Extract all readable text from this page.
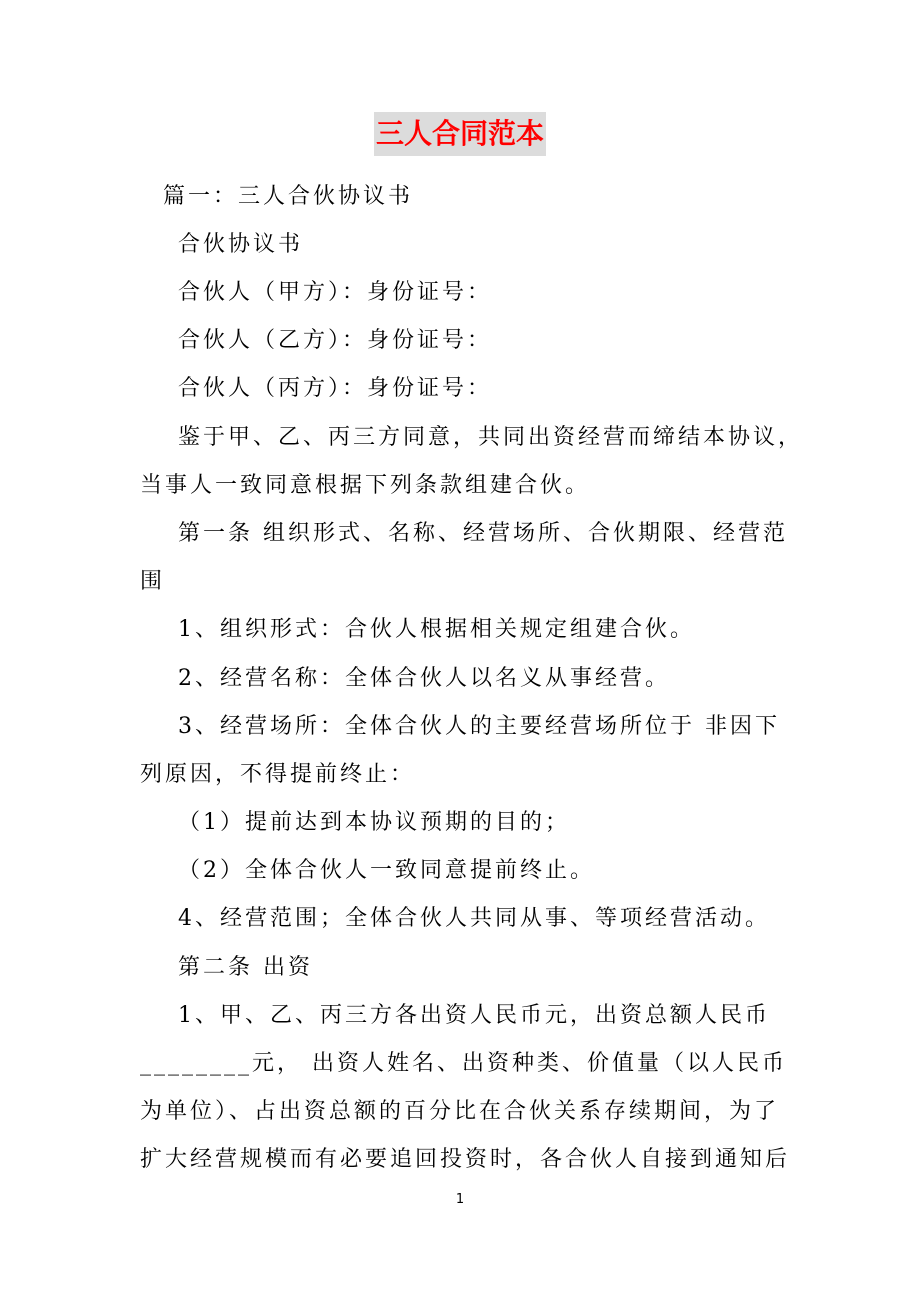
三人合同范本
篇一：三人合伙协议书
合伙协议书
合伙人（甲方）：身份证号：
合伙人（乙方）：身份证号：
合伙人（丙方）：身份证号：
鉴于甲、乙、丙三方同意，共同出资经营而缔结本协议，
当事人一致同意根据下列条款组建合伙。
第一条 组织形式、名称、经营场所、合伙期限、经营范
围
1、组织形式：合伙人根据相关规定组建合伙。
2、经营名称：全体合伙人以名义从事经营。
3、经营场所：全体合伙人的主要经营场所位于 非因下
列原因，不得提前终止：
（1）提前达到本协议预期的目的；
（2）全体合伙人一致同意提前终止。
4、经营范围；全体合伙人共同从事、等项经营活动。
第二条 出资
1、甲、乙、丙三方各出资人民币元，出资总额人民币
________元， 出资人姓名、出资种类、价值量（以人民币
为单位）、占出资总额的百分比在合伙关系存续期间，为了
扩大经营规模而有必要追回投资时，各合伙人自接到通知后
1
